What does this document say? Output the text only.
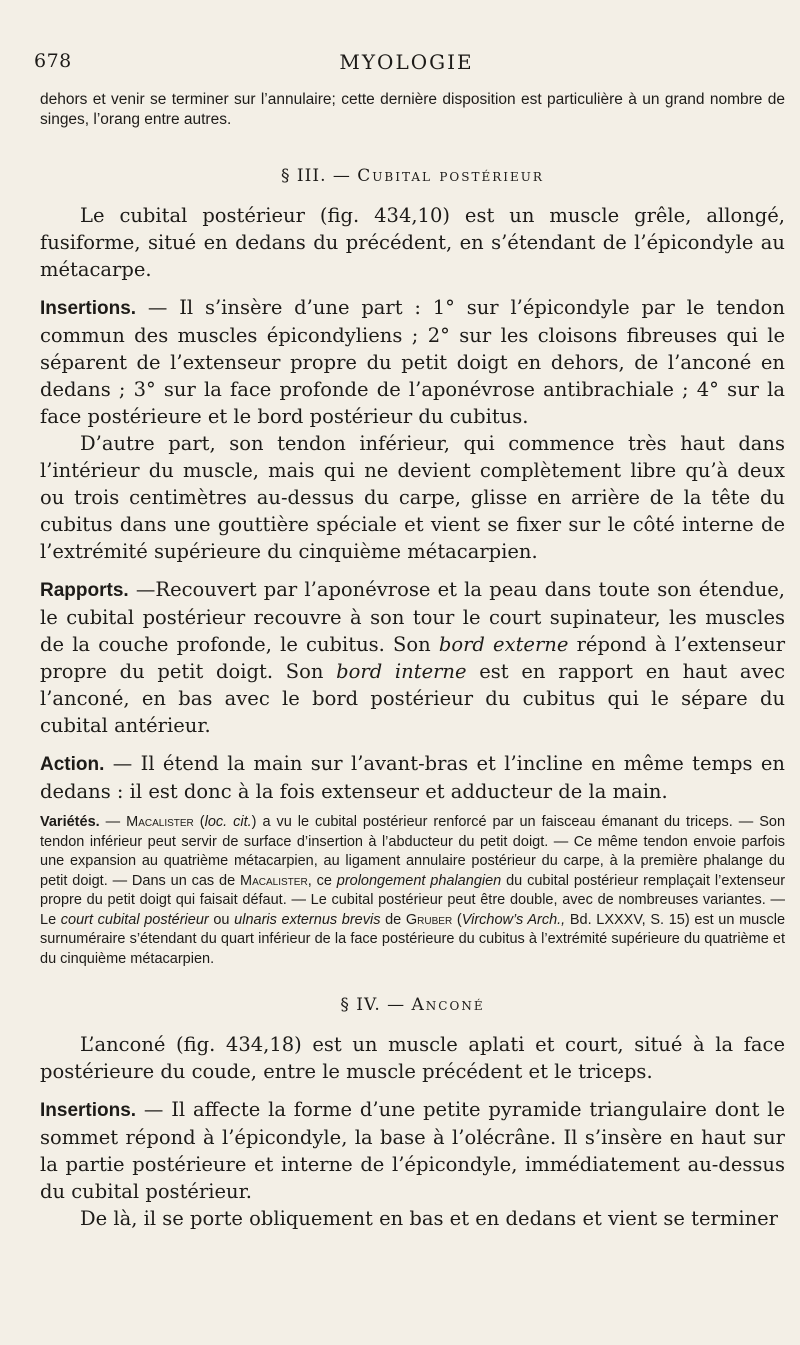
678	MYOLOGIE

dehors et venir se terminer sur l’annulaire; cette dernière disposition est particulière à un grand nombre de singes, l’orang entre autres.

§ III. — Cubital postérieur

Le cubital postérieur (fig. 434,10) est un muscle grêle, allongé, fusiforme, situé en dedans du précédent, en s’étendant de l’épicondyle au métacarpe.

Insertions. — Il s’insère d’une part : 1° sur l’épicondyle par le tendon commun des muscles épicondyliens ; 2° sur les cloisons fibreuses qui le séparent de l’extenseur propre du petit doigt en dehors, de l’anconé en dedans ; 3° sur la face profonde de l’aponévrose antibrachiale ; 4° sur la face postérieure et le bord postérieur du cubitus.

D’autre part, son tendon inférieur, qui commence très haut dans l’intérieur du muscle, mais qui ne devient complètement libre qu’à deux ou trois centimètres au-dessus du carpe, glisse en arrière de la tête du cubitus dans une gouttière spéciale et vient se fixer sur le côté interne de l’extrémité supérieure du cinquième métacarpien.

Rapports. —Recouvert par l’aponévrose et la peau dans toute son étendue, le cubital postérieur recouvre à son tour le court supinateur, les muscles de la couche profonde, le cubitus. Son bord externe répond à l’extenseur propre du petit doigt. Son bord interne est en rapport en haut avec l’anconé, en bas avec le bord postérieur du cubitus qui le sépare du cubital antérieur.

Action. — Il étend la main sur l’avant-bras et l’incline en même temps en dedans : il est donc à la fois extenseur et adducteur de la main.

Variétés. — Macalister (loc. cit.) a vu le cubital postérieur renforcé par un faisceau émanant du triceps. — Son tendon inférieur peut servir de surface d’insertion à l’abducteur du petit doigt. — Ce même tendon envoie parfois une expansion au quatrième métacarpien, au ligament annulaire postérieur du carpe, à la première phalange du petit doigt. — Dans un cas de Macalister, ce prolongement phalangien du cubital postérieur remplaçait l’extenseur propre du petit doigt qui faisait défaut. — Le cubital postérieur peut être double, avec de nombreuses variantes. — Le court cubital postérieur ou ulnaris externus brevis de Gruber (Virchow’s Arch., Bd. LXXXV, S. 15) est un muscle surnuméraire s’étendant du quart inférieur de la face postérieure du cubitus à l’extrémité supérieure du quatrième et du cinquième métacarpien.

§ IV. — Anconé

L’anconé (fig. 434,18) est un muscle aplati et court, situé à la face postérieure du coude, entre le muscle précédent et le triceps.

Insertions. — Il affecte la forme d’une petite pyramide triangulaire dont le sommet répond à l’épicondyle, la base à l’olécrâne. Il s’insère en haut sur la partie postérieure et interne de l’épicondyle, immédiatement au-dessus du cubital postérieur.

De là, il se porte obliquement en bas et en dedans et vient se terminer
